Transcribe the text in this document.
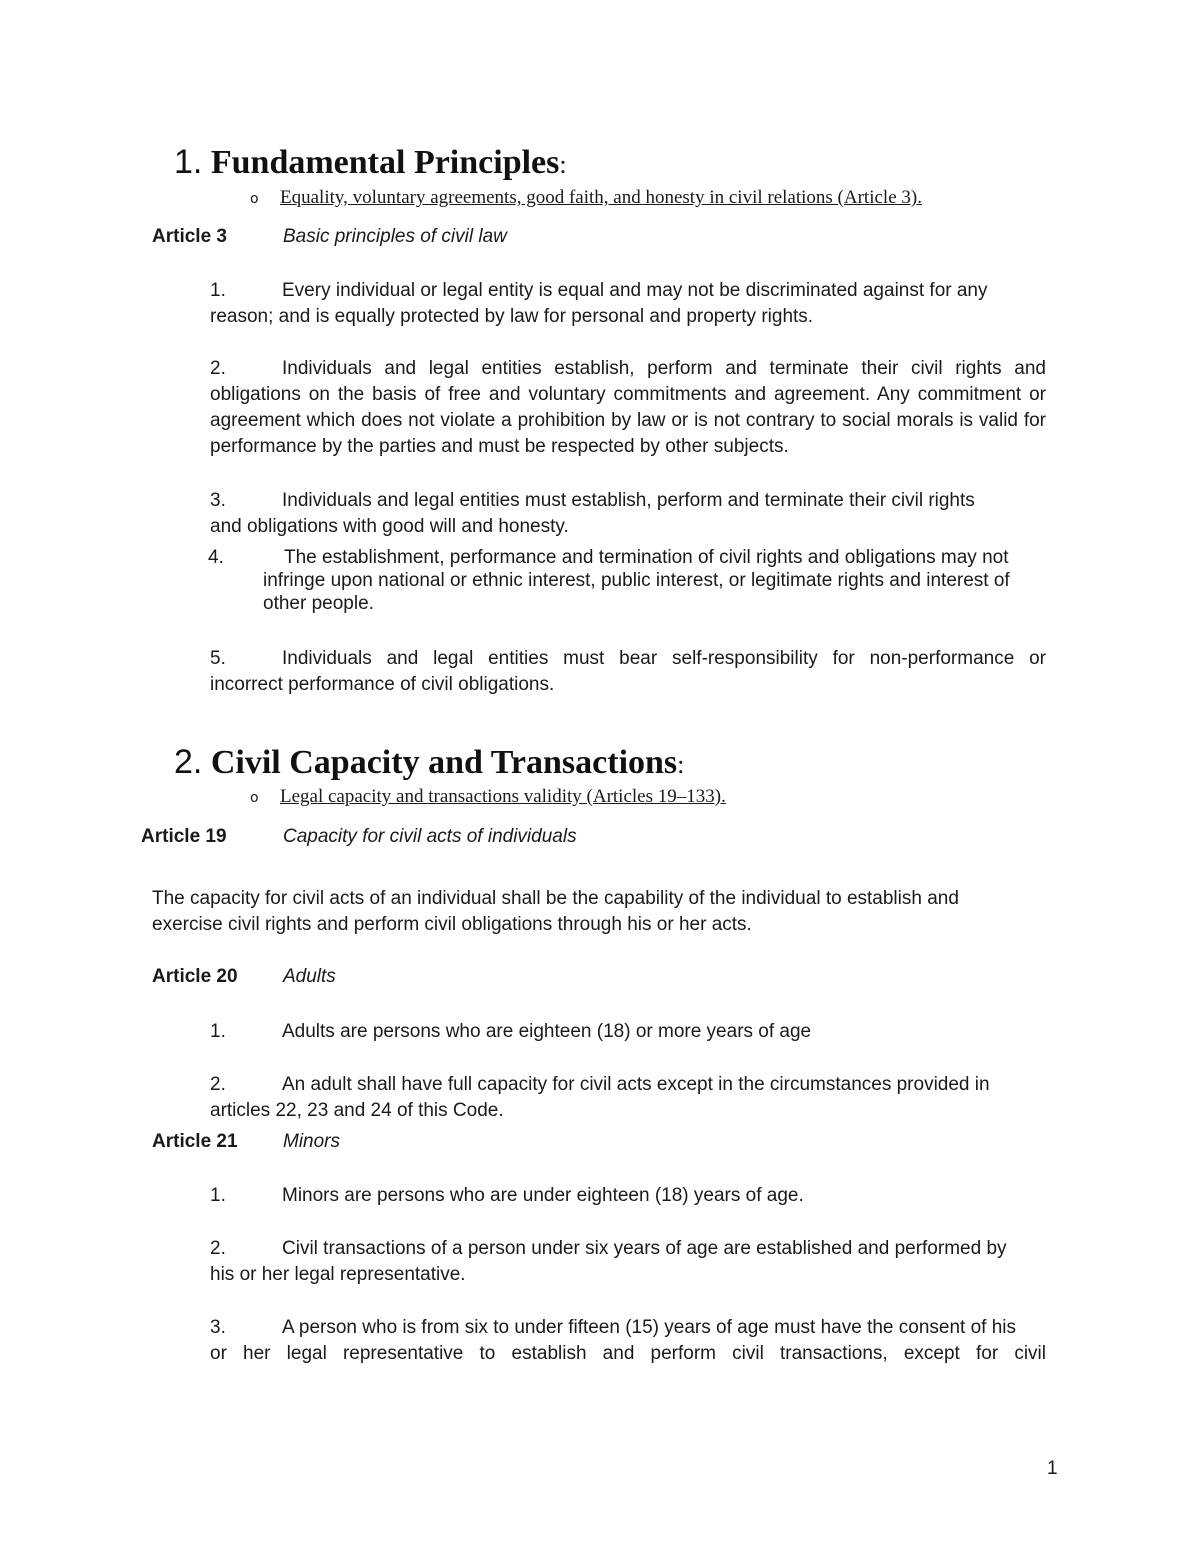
1. Fundamental Principles:
o Equality, voluntary agreements, good faith, and honesty in civil relations (Article 3).
Article 3	Basic principles of civil law
1.	Every individual or legal entity is equal and may not be discriminated against for any
reason; and is equally protected by law for personal and property rights.
2.	Individuals and legal entities establish, perform and terminate their civil rights and
obligations on the basis of free and voluntary commitments and agreement. Any commitment or agreement which does not violate a prohibition by law or is not contrary to social morals is valid for performance by the parties and must be respected by other subjects.
3.	Individuals and legal entities must establish, perform and terminate their civil rights
and obligations with good will and honesty.
4.	The establishment, performance and termination of civil rights and obligations may not
infringe upon national or ethnic interest, public interest, or legitimate rights and interest of other people.
5.	Individuals and legal entities must bear self-responsibility for non-performance or
incorrect performance of civil obligations.
2. Civil Capacity and Transactions:
o Legal capacity and transactions validity (Articles 19–133).
Article 19	Capacity for civil acts of individuals
The capacity for civil acts of an individual shall be the capability of the individual to establish and exercise civil rights and perform civil obligations through his or her acts.
Article 20 Adults
1.	Adults are persons who are eighteen (18) or more years of age
2.	An adult shall have full capacity for civil acts except in the circumstances provided in
articles 22, 23 and 24 of this Code.
Article 21 Minors
1.	Minors are persons who are under eighteen (18) years of age.
2.	Civil transactions of a person under six years of age are established and performed by
his or her legal representative.
3.	A person who is from six to under fifteen (15) years of age must have the consent of his
or her legal representative to establish and perform civil transactions, except for civil
1
